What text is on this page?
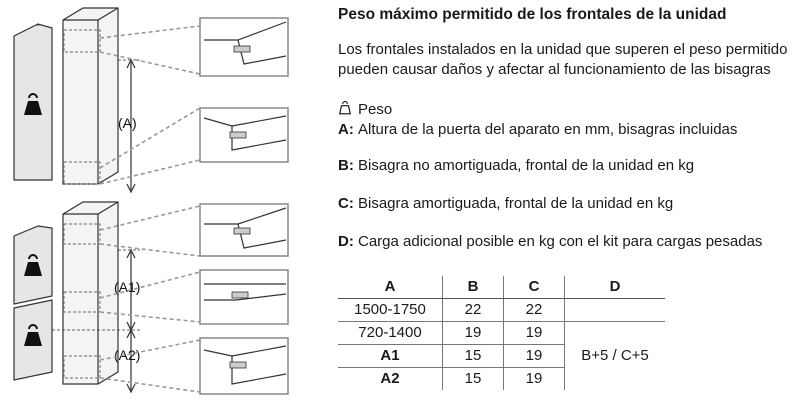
(A)
(A1)
(A2)
Peso máximo permitido de los frontales de la unidad
Los frontales instalados en la unidad que superen el peso permitido pueden causar daños y afectar al funcionamiento de las bisagras
Peso
A: Altura de la puerta del aparato en mm, bisagras incluidas
B: Bisagra no amortiguada, frontal de la unidad en kg
C: Bisagra amortiguada, frontal de la unidad en kg
D: Carga adicional posible en kg con el kit para cargas pesadas
A	B	C	D
1500-1750	22	22	
720-1400	19	19	B+5 / C+5
A1	15	19	
A2	15	19	
